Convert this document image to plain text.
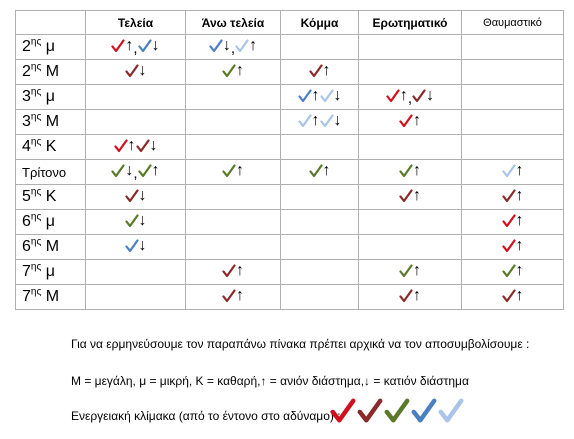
	Τελεία	Άνω τελεία	Κόμμα	Ερωτηματικό	Θαυμαστικό
$2^{\eta\varsigma}$ μ	↑ , ↓	↓ , ↑			

$2^{\eta\varsigma}$ Μ	↓	↑	↑		

$3^{\eta\varsigma}$ μ			↑ ↓	↑ , ↓	

$3^{\eta\varsigma}$ Μ			↑ ↓	↑	

$4^{\eta\varsigma}$ Κ	↑ ↓				

Τρίτονο	↓ , ↑	↑	↑	↑	↑

$5^{\eta\varsigma}$ Κ	↓			↑	↑

$6^{\eta\varsigma}$ μ	↓				↑

$6^{\eta\varsigma}$ Μ	↓				↑

$7^{\eta\varsigma}$ μ		↑		↑	↑

$7^{\eta\varsigma}$ Μ		↑		↑	↑
Για να ερμηνεύσουμε τον παραπάνω πίνακα πρέπει αρχικά να τον αποσυμβολίσουμε :
Μ = μεγάλη, μ = μικρή, Κ = καθαρή,↑ = ανιόν διάστημα,↓ = κατιόν διάστημα
Ενεργειακή κλίμακα (από το έντονο στο αδύναμο) :
